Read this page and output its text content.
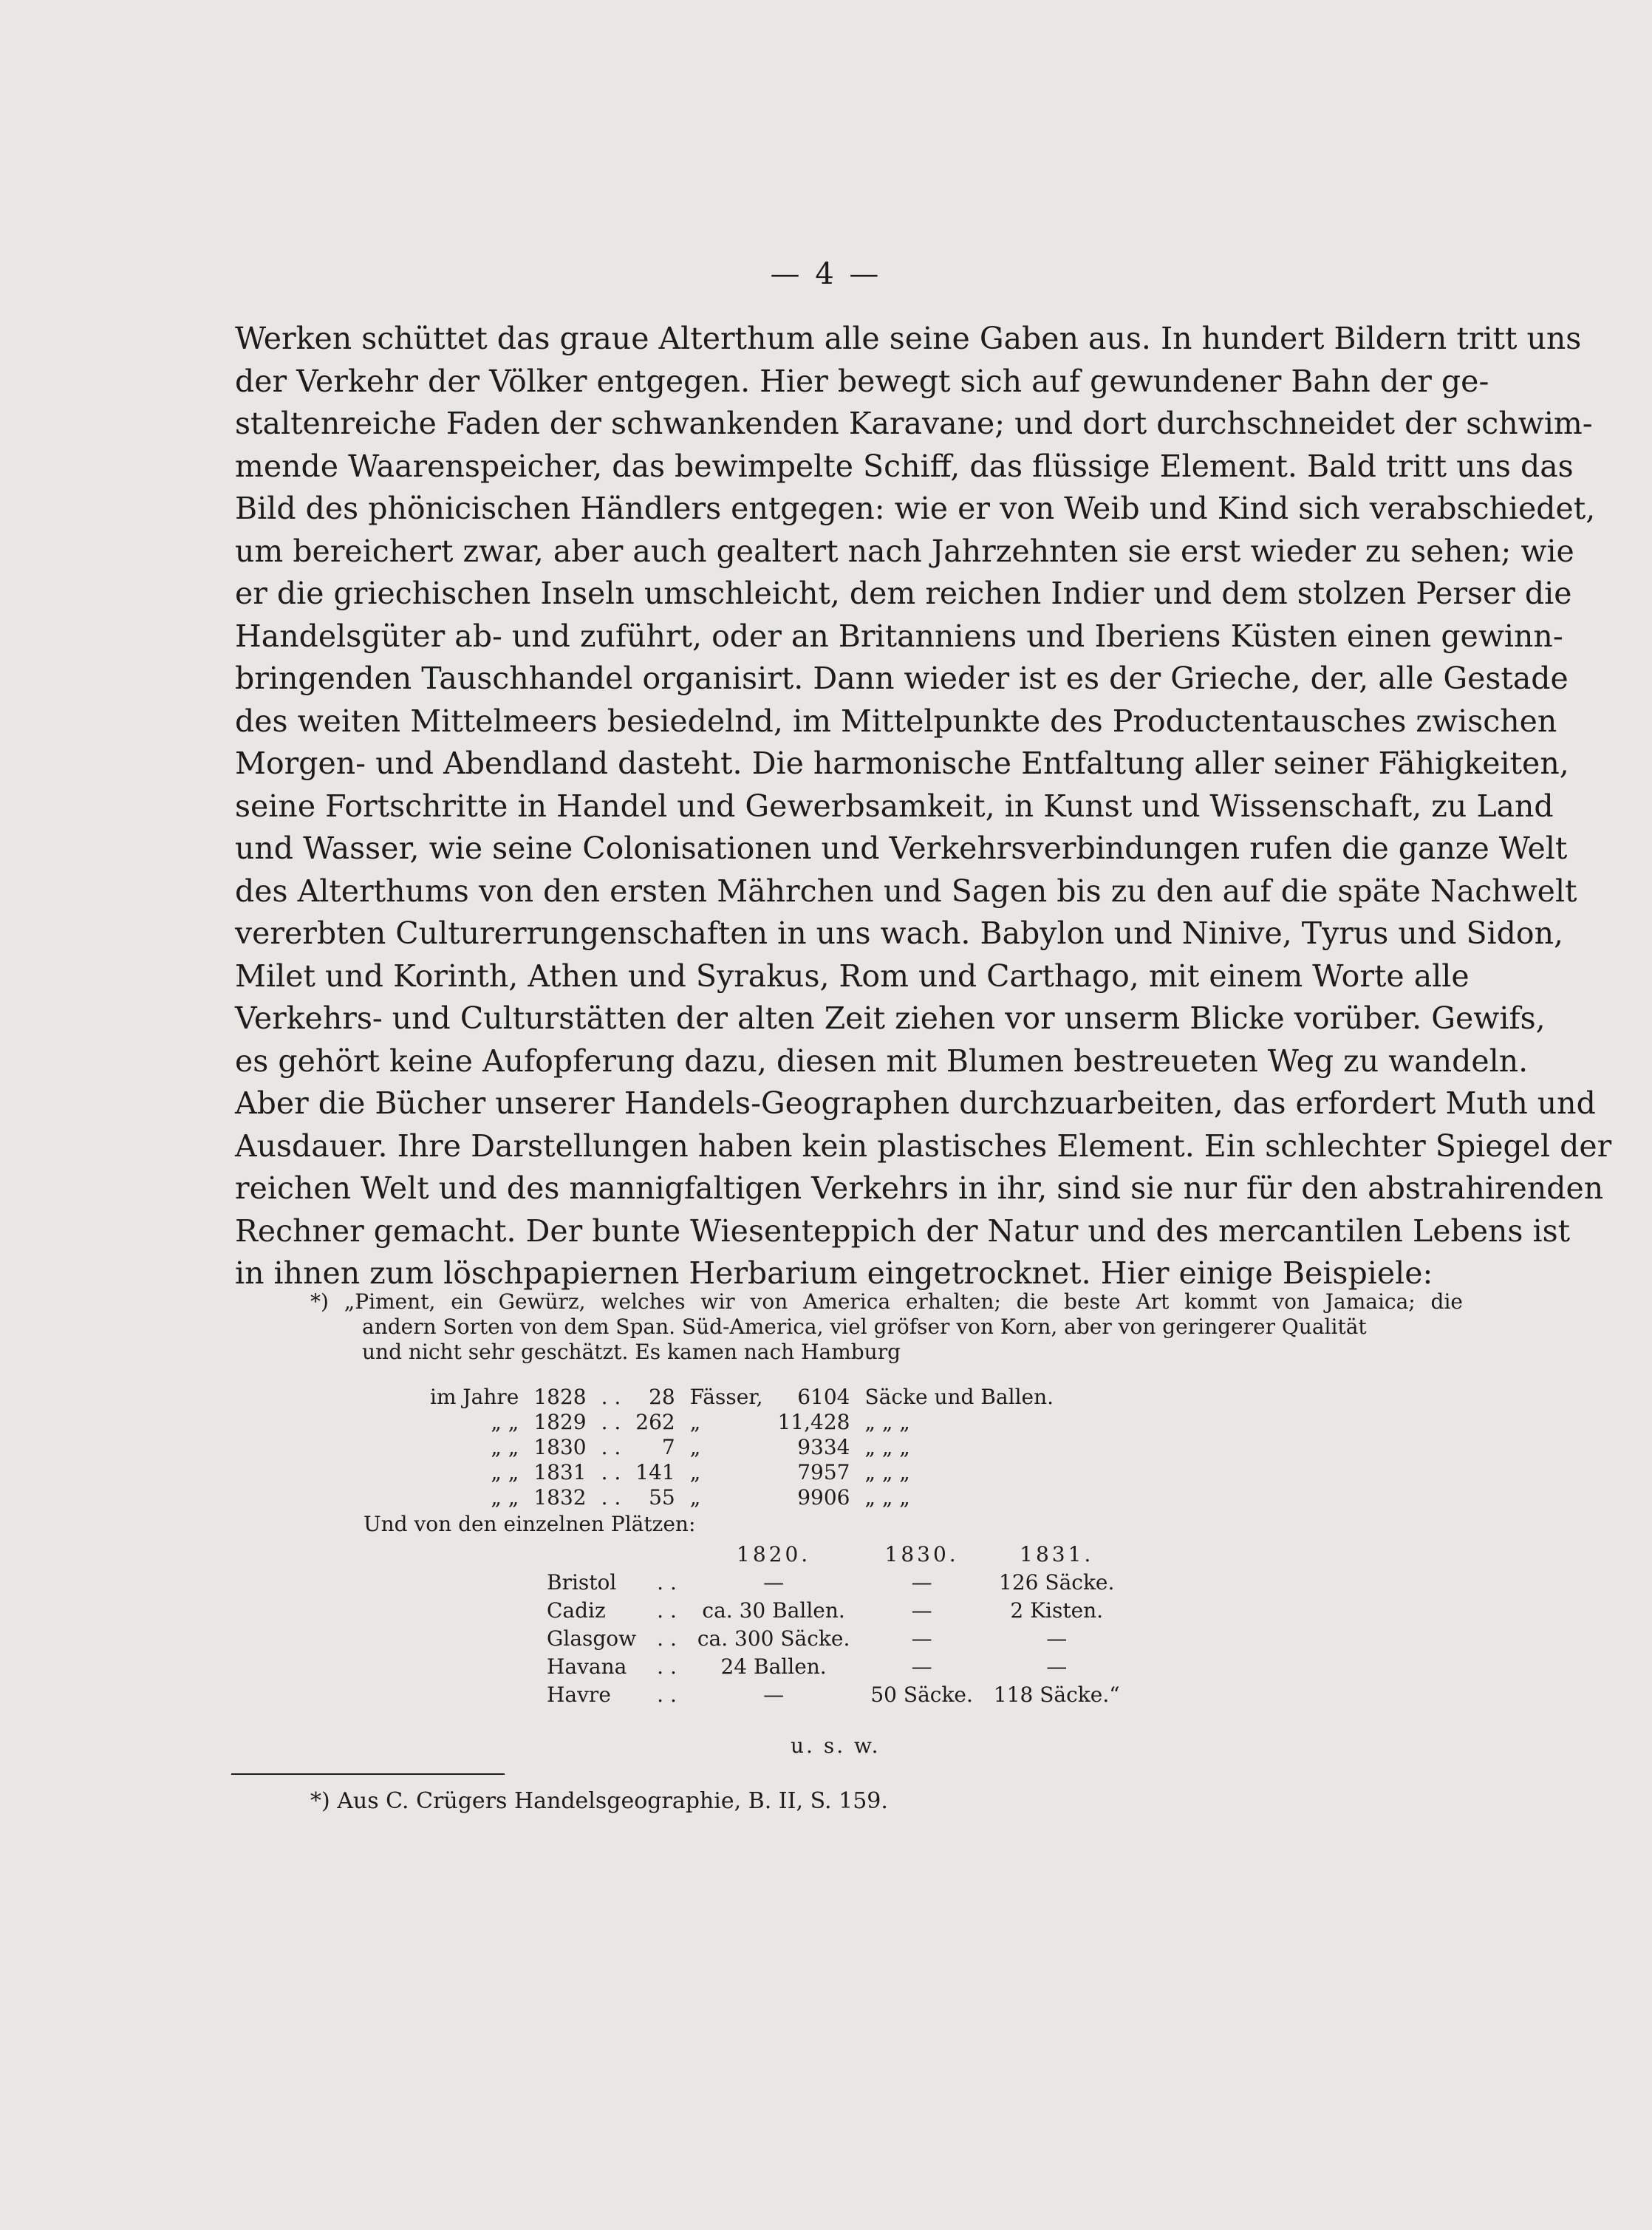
— 4 —

Werken schüttet das graue Alterthum alle seine Gaben aus. In hundert Bildern tritt uns
der Verkehr der Völker entgegen. Hier bewegt sich auf gewundener Bahn der ge-
staltenreiche Faden der schwankenden Karavane; und dort durchschneidet der schwim-
mende Waarenspeicher, das bewimpelte Schiff, das flüssige Element. Bald tritt uns das
Bild des phönicischen Händlers entgegen: wie er von Weib und Kind sich verabschiedet,
um bereichert zwar, aber auch gealtert nach Jahrzehnten sie erst wieder zu sehen; wie
er die griechischen Inseln umschleicht, dem reichen Indier und dem stolzen Perser die
Handelsgüter ab- und zuführt, oder an Britanniens und Iberiens Küsten einen gewinn-
bringenden Tauschhandel organisirt. Dann wieder ist es der Grieche, der, alle Gestade
des weiten Mittelmeers besiedelnd, im Mittelpunkte des Productentausches zwischen
Morgen- und Abendland dasteht. Die harmonische Entfaltung aller seiner Fähigkeiten,
seine Fortschritte in Handel und Gewerbsamkeit, in Kunst und Wissenschaft, zu Land
und Wasser, wie seine Colonisationen und Verkehrsverbindungen rufen die ganze Welt
des Alterthums von den ersten Mährchen und Sagen bis zu den auf die späte Nachwelt
vererbten Culturerrungenschaften in uns wach. Babylon und Ninive, Tyrus und Sidon,
Milet und Korinth, Athen und Syrakus, Rom und Carthago, mit einem Worte alle
Verkehrs- und Culturstätten der alten Zeit ziehen vor unserm Blicke vorüber. Gewifs,
es gehört keine Aufopferung dazu, diesen mit Blumen bestreueten Weg zu wandeln.
Aber die Bücher unserer Handels-Geographen durchzuarbeiten, das erfordert Muth und
Ausdauer. Ihre Darstellungen haben kein plastisches Element. Ein schlechter Spiegel der
reichen Welt und des mannigfaltigen Verkehrs in ihr, sind sie nur für den abstrahirenden
Rechner gemacht. Der bunte Wiesenteppich der Natur und des mercantilen Lebens ist
in ihnen zum löschpapiernen Herbarium eingetrocknet. Hier einige Beispiele:

*) „Piment, ein Gewürz, welches wir von America erhalten; die beste Art kommt von Jamaica; die
andern Sorten von dem Span. Süd-America, viel gröfser von Korn, aber von geringerer Qualität
und nicht sehr geschätzt. Es kamen nach Hamburg
im Jahre	1828	. .	28	Fässer,	6104	Säcke und Ballen.
„ „	1829	. .	262	„	11,428	„ „ „
„ „	1830	. .	7	„	9334	„ „ „
„ „	1831	. .	141	„	7957	„ „ „
„ „	1832	. .	55	„	9906	„ „ „
Und von den einzelnen Plätzen:
		1820.	1830.	1831.
Bristol	. .	—	—	126 Säcke.
Cadiz	. .	ca. 30 Ballen.	—	2 Kisten.
Glasgow	. .	ca. 300 Säcke.	—	—
Havana	. .	24 Ballen.	—	—
Havre	. .	—	50 Säcke.	118 Säcke.“
u. s. w.
*) Aus C. Crügers Handelsgeographie, B. II, S. 159.
